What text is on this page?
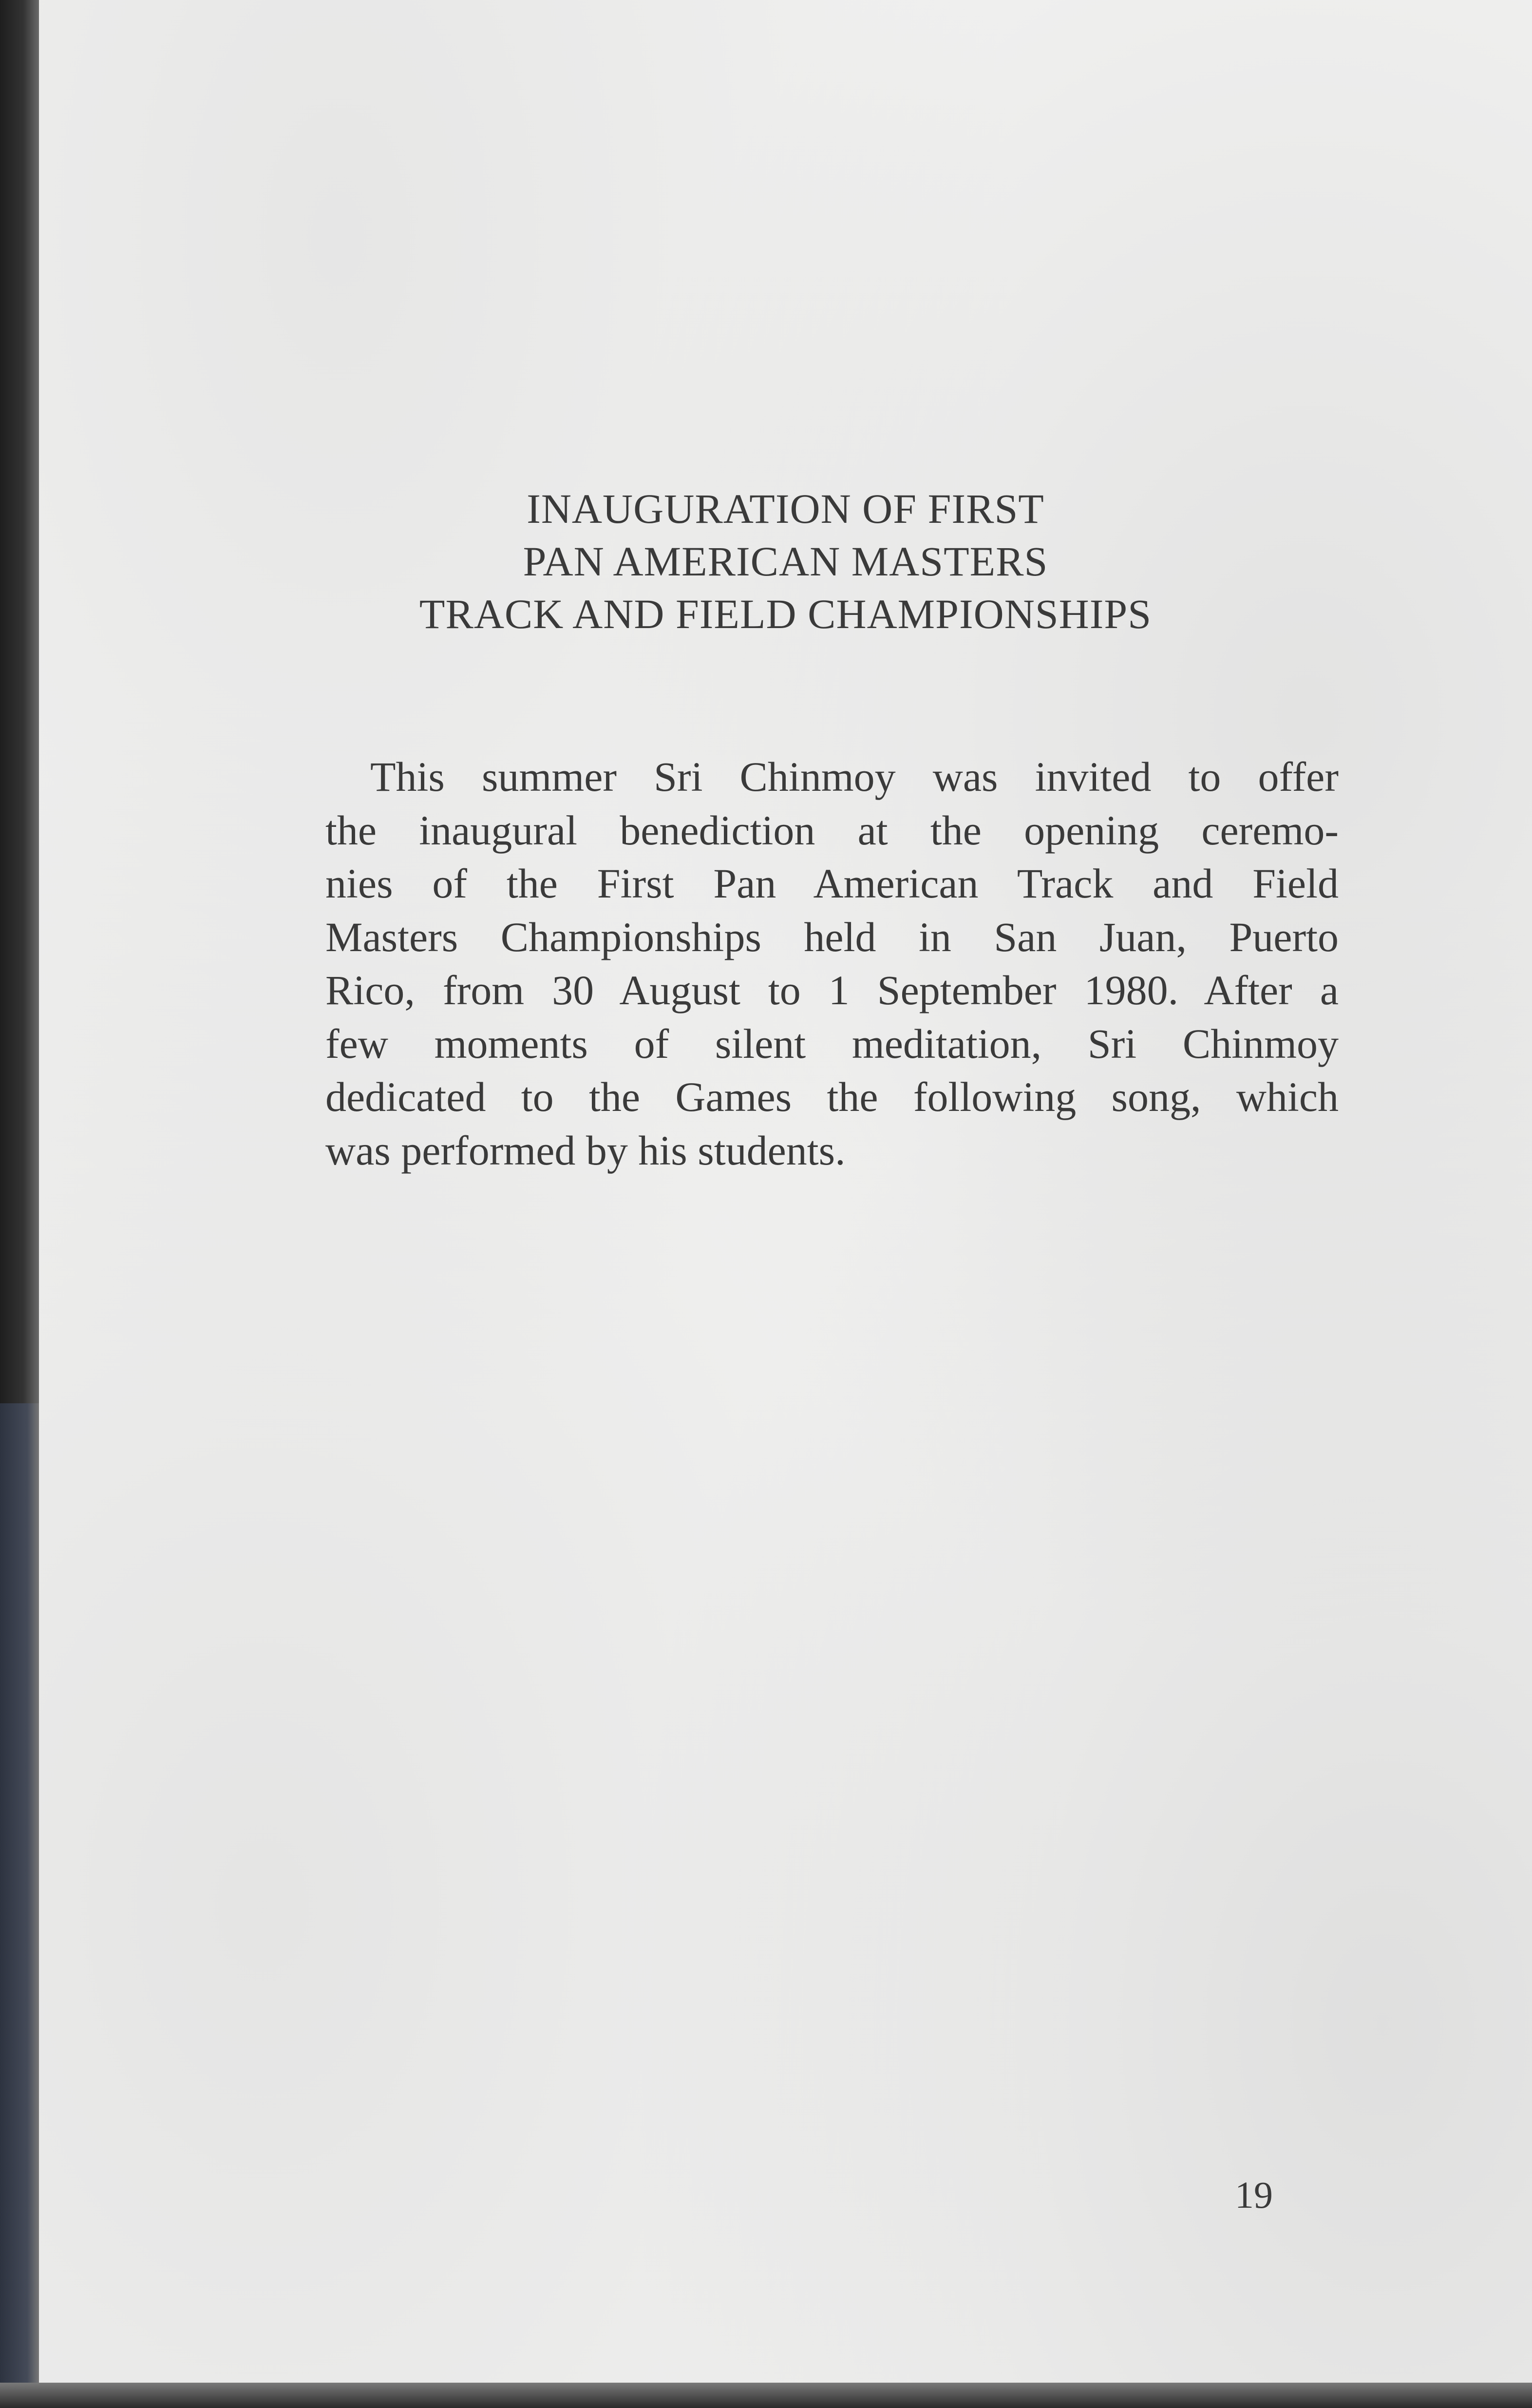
INAUGURATION OF FIRST
PAN AMERICAN MASTERS
TRACK AND FIELD CHAMPIONSHIPS
This summer Sri Chinmoy was invited to offer
the inaugural benediction at the opening ceremo-
nies of the First Pan American Track and Field
Masters Championships held in San Juan, Puerto
Rico, from 30 August to 1 September 1980. After a
few moments of silent meditation, Sri Chinmoy
dedicated to the Games the following song, which
was performed by his students.
19
